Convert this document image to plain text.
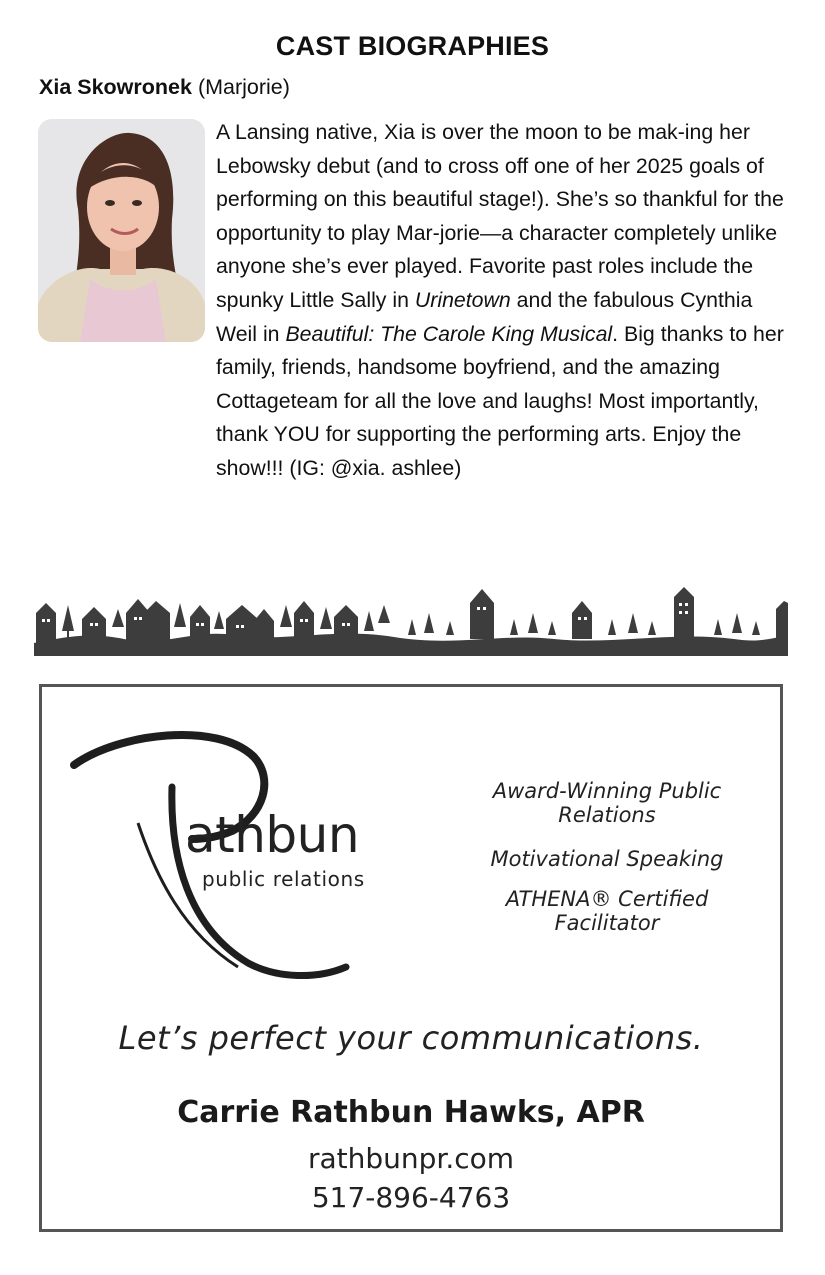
CAST BIOGRAPHIES
Xia Skowronek (Marjorie)

A Lansing native, Xia is over the moon to be mak-ing her Lebowsky debut (and to cross off one of her 2025 goals of performing on this beautiful stage!). She’s so thankful for the opportunity to play Mar-jorie—a character completely unlike anyone she’s ever played. Favorite past roles include the spunky Little Sally in Urinetown and the fabulous Cynthia Weil in Beautiful: The Carole King Musical. Big thanks to her family, friends, handsome boyfriend, and the amazing Cottageteam for all the love and laughs! Most importantly, thank YOU for supporting the performing arts. Enjoy the show!!! (IG: @xia. ashlee)

athbun
public relations
Award-Winning Public Relations
Motivational Speaking
ATHENA® Certified Facilitator
Let’s perfect your communications.
Carrie Rathbun Hawks, APR
rathbunpr.com
517-896-4763
